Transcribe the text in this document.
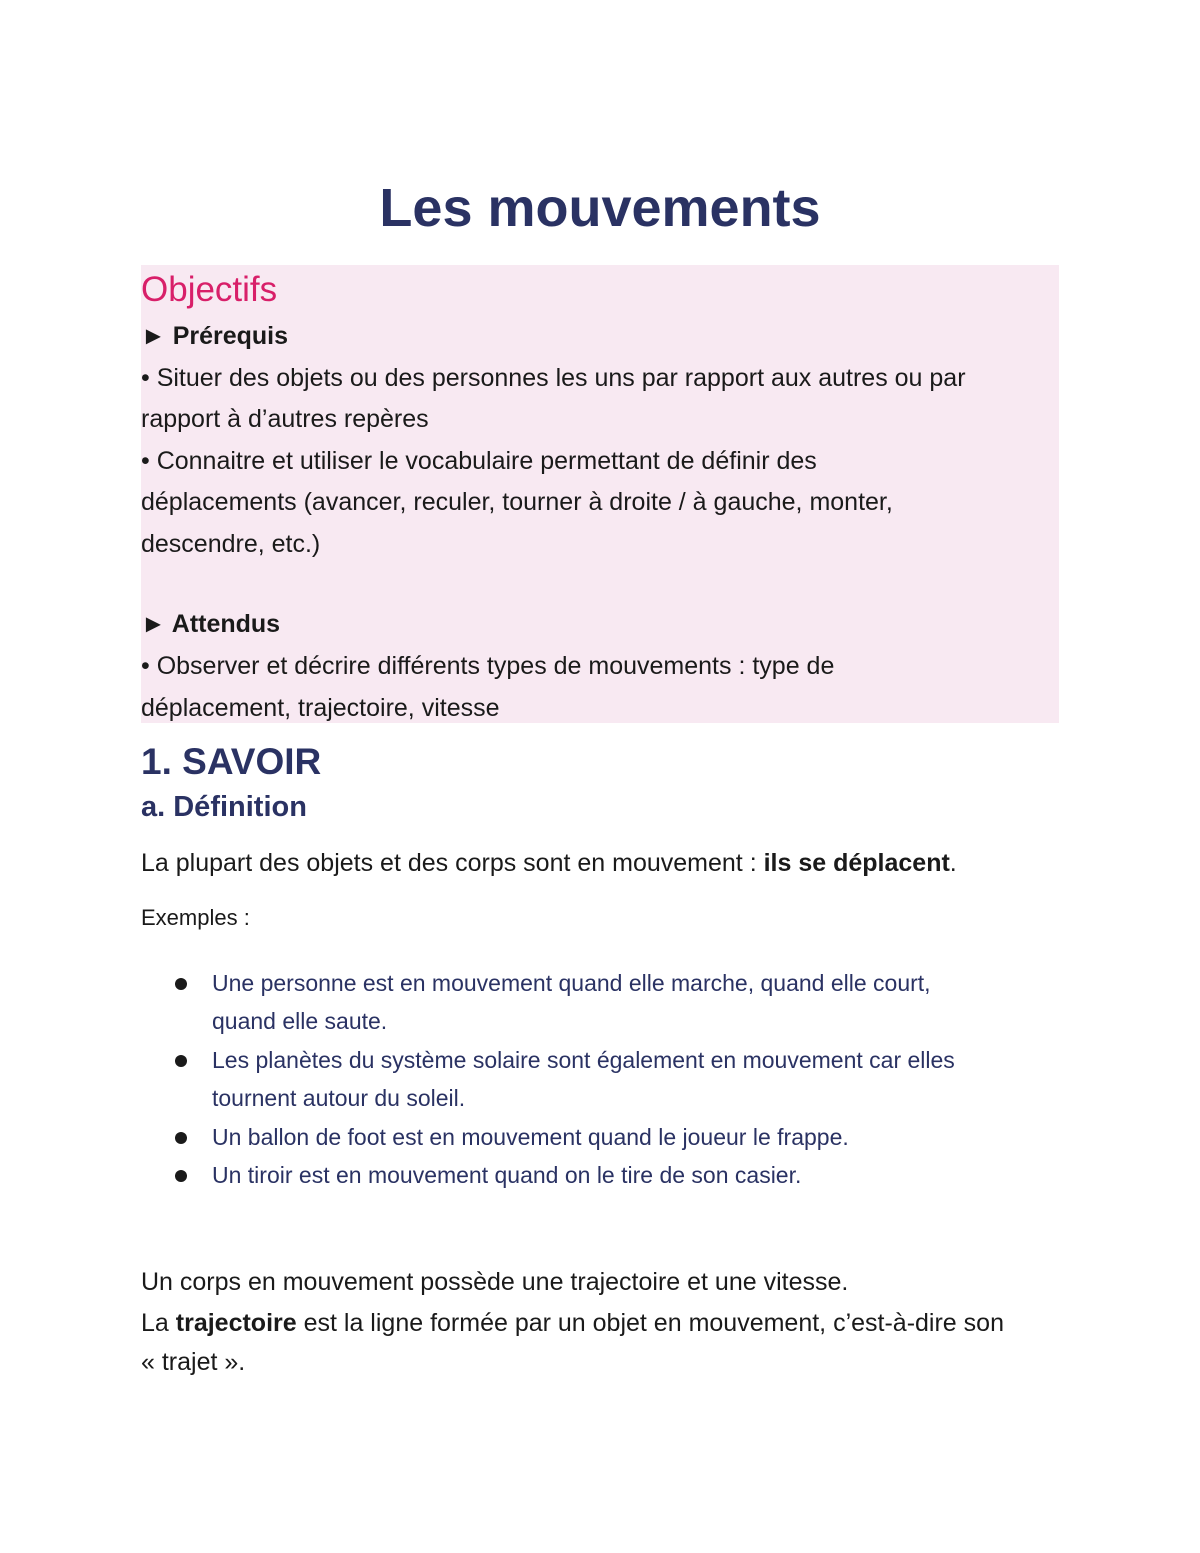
Les mouvements
Objectifs
► Prérequis
• Situer des objets ou des personnes les uns par rapport aux autres ou par
rapport à d’autres repères
• Connaitre et utiliser le vocabulaire permettant de définir des
déplacements (avancer, reculer, tourner à droite / à gauche, monter,
descendre, etc.)
► Attendus
• Observer et décrire différents types de mouvements : type de
déplacement, trajectoire, vitesse
1. SAVOIR
a. Définition
La plupart des objets et des corps sont en mouvement : ils se déplacent.
Exemples :
Une personne est en mouvement quand elle marche, quand elle court,
quand elle saute.
Les planètes du système solaire sont également en mouvement car elles
tournent autour du soleil.
Un ballon de foot est en mouvement quand le joueur le frappe.
Un tiroir est en mouvement quand on le tire de son casier.
Un corps en mouvement possède une trajectoire et une vitesse.
La trajectoire est la ligne formée par un objet en mouvement, c’est-à-dire son
« trajet ».
